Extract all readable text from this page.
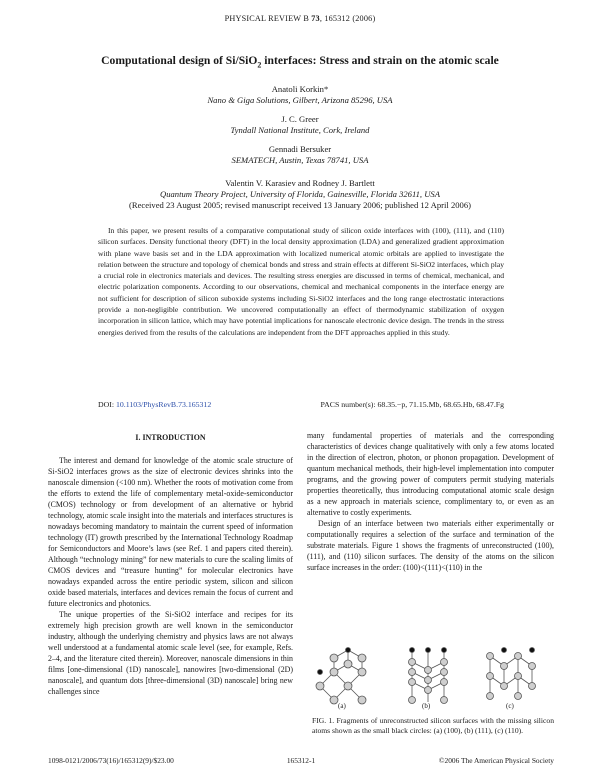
PHYSICAL REVIEW B 73, 165312 (2006)
Computational design of Si/SiO$_2$ interfaces: Stress and strain on the atomic scale
Anatoli Korkin*
Nano & Giga Solutions, Gilbert, Arizona 85296, USA
J. C. Greer
Tyndall National Institute, Cork, Ireland
Gennadi Bersuker
SEMATECH, Austin, Texas 78741, USA
Valentin V. Karasiev and Rodney J. Bartlett
Quantum Theory Project, University of Florida, Gainesville, Florida 32611, USA
(Received 23 August 2005; revised manuscript received 13 January 2006; published 12 April 2006)
In this paper, we present results of a comparative computational study of silicon oxide interfaces with (100), (111), and (110) silicon surfaces. Density functional theory (DFT) in the local density approximation (LDA) and generalized gradient approximation with plane wave basis set and in the LDA approximation with localized numerical atomic orbitals are applied to investigate the relation between the structure and topology of chemical bonds and stress and strain effects at different Si-SiO2 interfaces, which play a crucial role in electronics materials and devices. The resulting stress energies are discussed in terms of chemical, mechanical, and electric polarization components. According to our observations, chemical and mechanical components in the interface energy are not sufficient for description of silicon suboxide systems including Si-SiO2 interfaces and the long range electrostatic interactions provide a non-negligible contribution. We uncovered computationally an effect of thermodynamic stabilization of oxygen incorporation in silicon lattice, which may have potential implications for nanoscale electronic device design. The trends in the stress energies derived from the results of the calculations are independent from the DFT approaches applied in this study.
DOI: 10.1103/PhysRevB.73.165312	PACS number(s): 68.35.−p, 71.15.Mb, 68.65.Hb, 68.47.Fg
I. INTRODUCTION

The interest and demand for knowledge of the atomic scale structure of Si-SiO2 interfaces grows as the size of electronic devices shrinks into the nanoscale dimension (<100 nm). Whether the roots of motivation come from the efforts to extend the life of complementary metal-oxide-semiconductor (CMOS) technology or from development of an alternative or hybrid technology, atomic scale insight into the materials and interfaces structures is nowadays becoming mandatory to maintain the current speed of information technology (IT) growth prescribed by the International Technology Roadmap for Semiconductors and Moore’s laws (see Ref. 1 and papers cited therein). Although “technology mining” for new materials to cure the scaling limits of CMOS devices and “treasure hunting” for molecular electronics have nowadays expanded across the entire periodic system, silicon and silicon oxide based materials, interfaces and devices remain the focus of current and future electronics and photonics.

The unique properties of the Si-SiO2 interface and recipes for its extremely high precision growth are well known in the semiconductor industry, although the underlying chemistry and physics laws are not always well understood at a fundamental atomic scale level (see, for example, Refs. 2–4, and the literature cited therein). Moreover, nanoscale dimensions in thin films [one-dimensional (1D) nanoscale], nanowires [two-dimensional (2D) nanoscale], and quantum dots [three-dimensional (3D) nanoscale] bring new challenges since

many fundamental properties of materials and the corresponding characteristics of devices change qualitatively with only a few atoms located in the direction of electron, photon, or phonon propagation. Development of quantum mechanical methods, their high-level implementation into computer programs, and the growing power of computers permit studying materials properties theoretically, thus introducing computational atomic scale design as a new approach in materials science, complimentary to, or even as an alternative to costly experiments.

Design of an interface between two materials either experimentally or computationally requires a selection of the surface and termination of the substrate materials. Figure 1 shows the fragments of unreconstructed (100), (111), and (110) silicon surfaces. The density of the atoms on the silicon surface increases in the order: (100)<(111)<(110) in the

(a)	(b)	(c)
FIG. 1. Fragments of unreconstructed silicon surfaces with the missing silicon atoms shown as the small black circles: (a) (100), (b) (111), (c) (110).
1098-0121/2006/73(16)/165312(9)/$23.00	165312-1	©2006 The American Physical Society
